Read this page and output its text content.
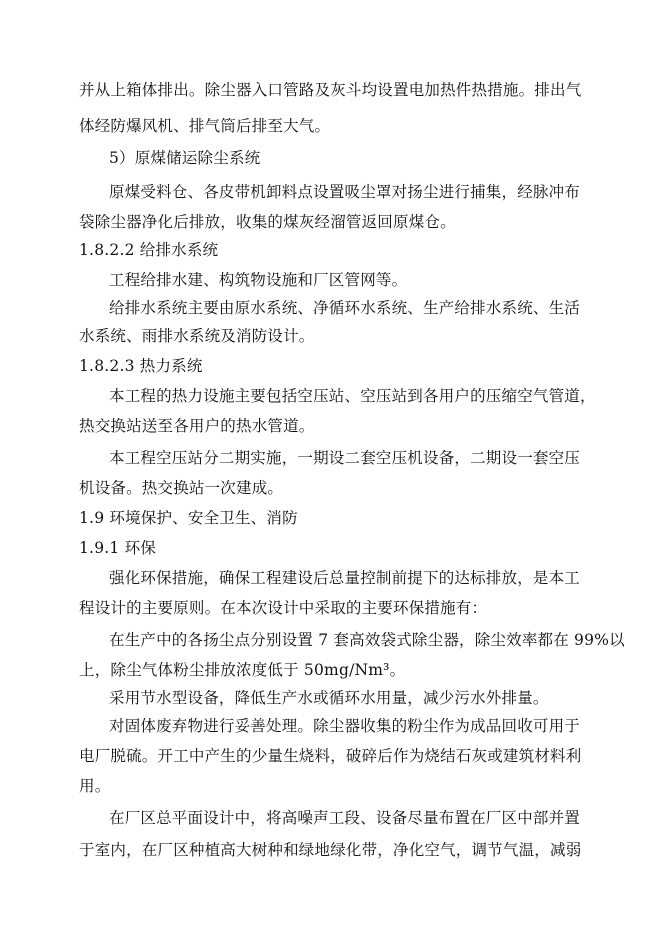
并从上箱体排出。除尘器入口管路及灰斗均设置电加热件热措施。排出气
体经防爆风机、排气筒后排至大气。
5）原煤储运除尘系统
原煤受料仓、各皮带机卸料点设置吸尘罩对扬尘进行捕集，经脉冲布
袋除尘器净化后排放，收集的煤灰经溜管返回原煤仓。
1.8.2.2 给排水系统
工程给排水建、构筑物设施和厂区管网等。
给排水系统主要由原水系统、净循环水系统、生产给排水系统、生活
水系统、雨排水系统及消防设计。
1.8.2.3 热力系统
本工程的热力设施主要包括空压站、空压站到各用户的压缩空气管道，
热交换站送至各用户的热水管道。
本工程空压站分二期实施，一期设二套空压机设备，二期设一套空压
机设备。热交换站一次建成。
1.9 环境保护、安全卫生、消防
1.9.1 环保
强化环保措施，确保工程建设后总量控制前提下的达标排放，是本工
程设计的主要原则。在本次设计中采取的主要环保措施有：
在生产中的各扬尘点分别设置 7 套高效袋式除尘器，除尘效率都在 99%以
上，除尘气体粉尘排放浓度低于 50mg/Nm³。
采用节水型设备，降低生产水或循环水用量，减少污水外排量。
对固体废弃物进行妥善处理。除尘器收集的粉尘作为成品回收可用于
电厂脱硫。开工中产生的少量生烧料，破碎后作为烧结石灰或建筑材料利
用。
在厂区总平面设计中，将高噪声工段、设备尽量布置在厂区中部并置
于室内，在厂区种植高大树种和绿地绿化带，净化空气，调节气温，减弱
